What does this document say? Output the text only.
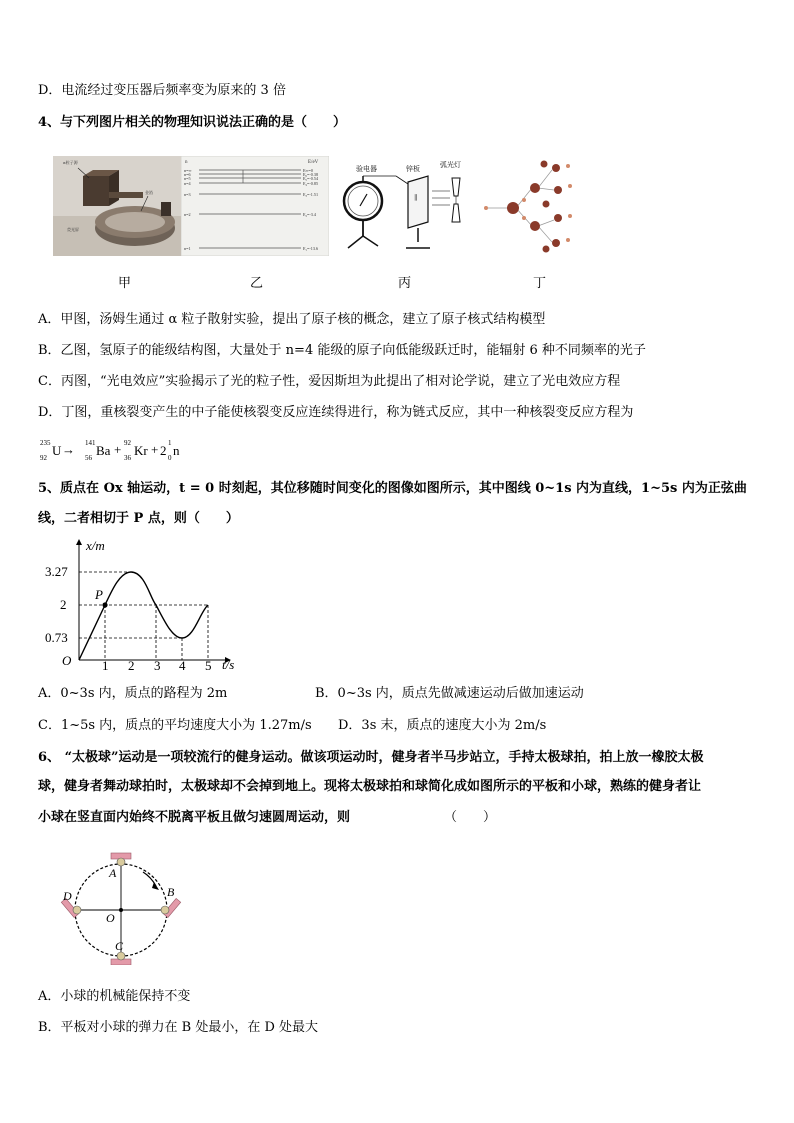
D．电流经过变压器后频率变为原来的 3 倍
4、与下列图片相关的物理知识说法正确的是（　　）
α粒子源
金箔
荧光屏
E/eV
n
n=∞
n=6
n=5
n=4
n=3
n=2
n=1
E∞=0
E₆=-0.38
E₅=-0.54
E₄=-0.85
E₃=-1.51
E₂=-3.4
E₁=-13.6
验电器	锌板	弧光灯
∥
甲	乙	丙	丁
A．甲图，汤姆生通过 α 粒子散射实验，提出了原子核的概念，建立了原子核式结构模型
B．乙图，氢原子的能级结构图，大量处于 n=4 能级的原子向低能级跃迁时，能辐射 6 种不同频率的光子
C．丙图，“光电效应”实验揭示了光的粒子性，爱因斯坦为此提出了相对论学说，建立了光电效应方程
D．丁图，重核裂变产生的中子能使核裂变反应连续得进行，称为链式反应，其中一种核裂变反应方程为
235
92 U → 141
56 Ba + 92
36 Kr + 2 1
0 n
5、质点在 Ox 轴运动，t = 0 时刻起，其位移随时间变化的图像如图所示，其中图线 0~1s 内为直线，1~5s 内为正弦曲
线，二者相切于 P 点，则（　　）
x/m
t/s
O
3.27
2
0.73
1 2 3 4 5
P
A．0~3s 内，质点的路程为 2m	B．0~3s 内，质点先做减速运动后做加速运动
C．1~5s 内，质点的平均速度大小为 1.27m/s D．3s 末，质点的速度大小为 2m/s
6、 “太极球”运动是一项较流行的健身运动。做该项运动时，健身者半马步站立，手持太极球拍，拍上放一橡胶太极
球，健身者舞动球拍时，太极球却不会掉到地上。现将太极球拍和球简化成如图所示的平板和小球，熟练的健身者让
小球在竖直面内始终不脱离平板且做匀速圆周运动，则	（　　）
A
B
C
D
O
A．小球的机械能保持不变
B．平板对小球的弹力在 B 处最小，在 D 处最大
